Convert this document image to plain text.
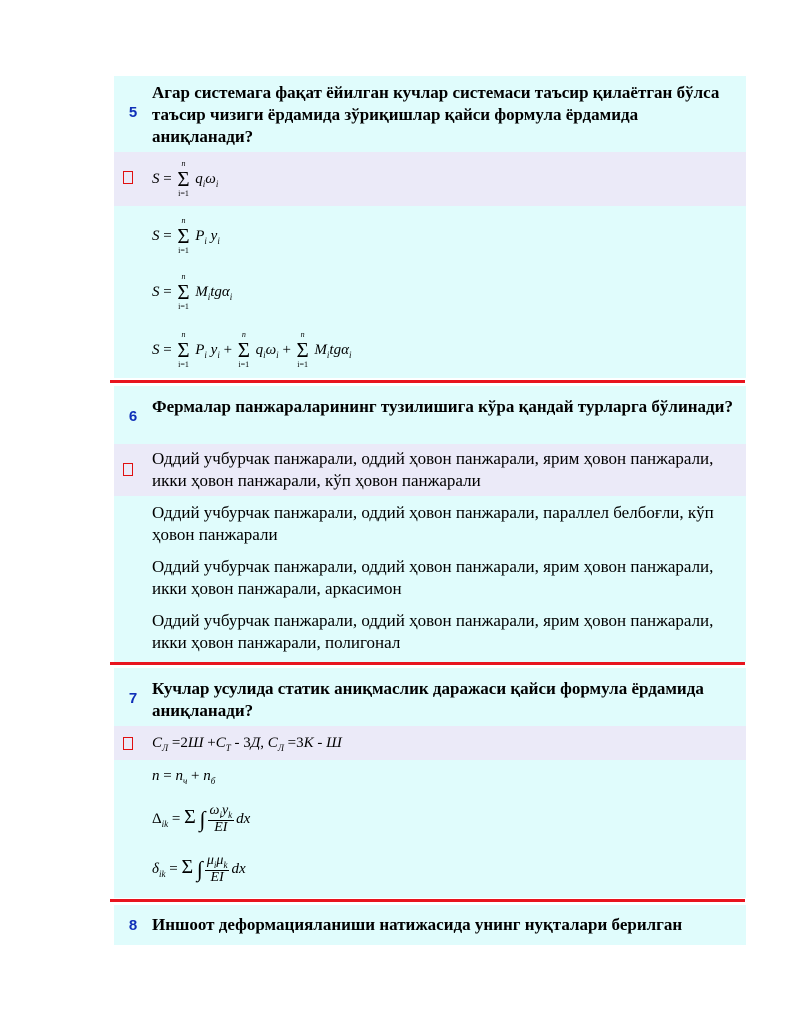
5
Агар системага фақат ёйилган кучлар системаси таъсир қилаётган бўлса таъсир чизиги ёрдамида зўриқишлар қайси формула ёрдамида аниқланади?
S = Σ
n
i=1
$q_i\omega_i$
S = Σ
n
i=1
$P_i$ $y_i$
S = Σ
n
i=1
$M_itg\alpha_i$
S = Σ
n
i=1
$P_i$ $y_i + \Sigma$
n
i=1
$q_i\omega_i + \Sigma$
n
i=1
$M_itg\alpha_i$
6
Фермалар панжараларининг тузилишига кўра қандай турларга бўлинади?
Оддий учбурчак панжарали, оддий ҳовон панжарали, ярим ҳовон панжарали, икки ҳовон панжарали, кўп ҳовон панжарали
Оддий учбурчак панжарали, оддий ҳовон панжарали, параллел белбоғли, кўп ҳовон панжарали
Оддий учбурчак панжарали, оддий ҳовон панжарали, ярим ҳовон панжарали, икки ҳовон панжарали, аркасимон
Оддий учбурчак панжарали, оддий ҳовон панжарали, ярим ҳовон панжарали, икки ҳовон панжарали, полигонал
7
Кучлар усулида статик аниқмаслик даражаси қайси формула ёрдамида аниқланади?
$C_Л =2Ш +C_Т - 3Д$, $C_Л =3К - Ш$
$n = n_ч + n_б$
$\Delta_{ik} = \Sigma$ ∫ $\frac{\omega_iy_k}{EI}$ dx
$\delta_{ik} = \Sigma$ ∫ $\frac{\mu_i\mu_k}{EI}$ dx
8 Иншоот деформацияланиши натижасида унинг нуқталари берилган
